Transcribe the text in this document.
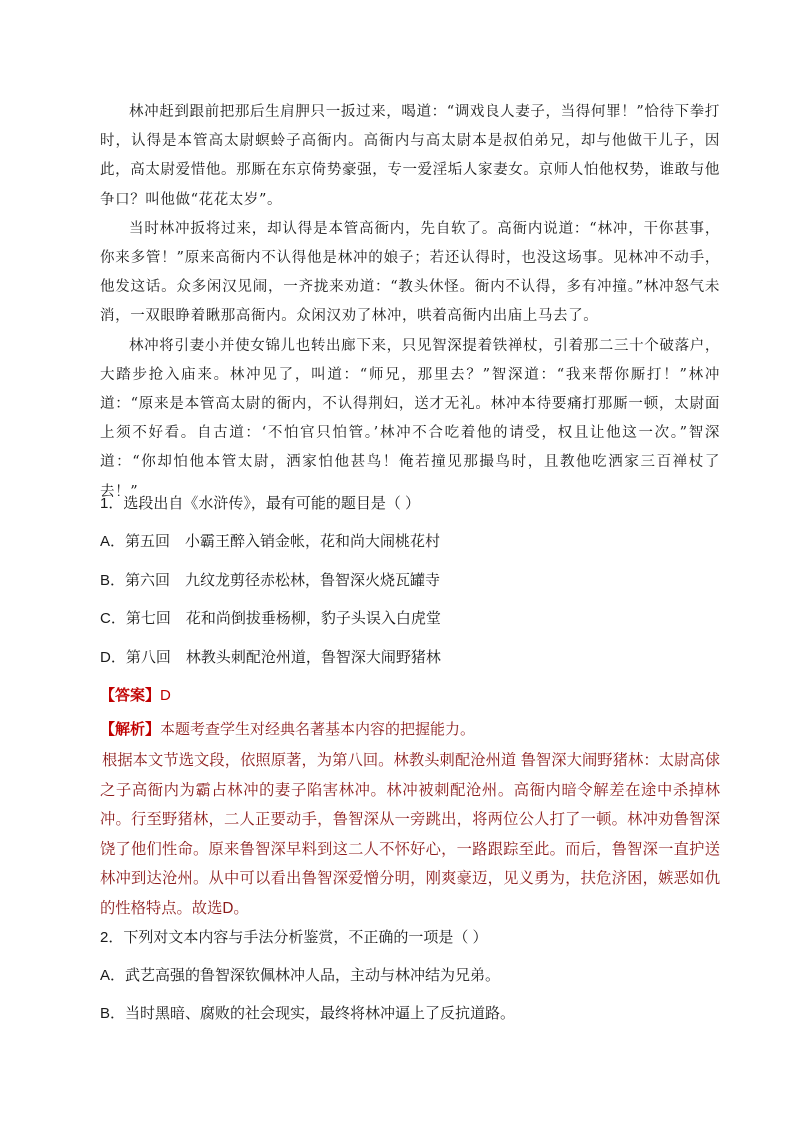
林冲赶到跟前把那后生肩胛只一扳过来，喝道：“调戏良人妻子，当得何罪！”恰待下拳打时，认得是本管高太尉螟蛉子高衙内。高衙内与高太尉本是叔伯弟兄，却与他做干儿子，因此，高太尉爱惜他。那厮在东京倚势豪强，专一爱淫垢人家妻女。京师人怕他权势，谁敢与他争口？叫他做“花花太岁”。

当时林冲扳将过来，却认得是本管高衙内，先自软了。高衙内说道：“林冲，干你甚事，你来多管！”原来高衙内不认得他是林冲的娘子；若还认得时，也没这场事。见林冲不动手，他发这话。众多闲汉见闹，一齐拢来劝道：“教头休怪。衙内不认得，多有冲撞。”林冲怒气未消，一双眼睁着瞅那高衙内。众闲汉劝了林冲，哄着高衙内出庙上马去了。

林冲将引妻小并使女锦儿也转出廊下来，只见智深提着铁禅杖，引着那二三十个破落户，大踏步抢入庙来。林冲见了，叫道：“师兄，那里去？”智深道：“我来帮你厮打！”林冲道：“原来是本管高太尉的衙内，不认得荆妇，送才无礼。林冲本待要痛打那厮一顿，太尉面上须不好看。自古道：‘不怕官只怕管。’林冲不合吃着他的请受，权且让他这一次。”智深道：“你却怕他本管太尉，洒家怕他甚鸟！俺若撞见那撮鸟时，且教他吃洒家三百禅杖了去！”

1．选段出自《水浒传》，最有可能的题目是（ ）
A．第五回　小霸王醉入销金帐，花和尚大闹桃花村
B．第六回　九纹龙剪径赤松林，鲁智深火烧瓦罐寺
C．第七回　花和尚倒拔垂杨柳，豹子头误入白虎堂
D．第八回　林教头刺配沧州道，鲁智深大闹野猪林
【答案】D
【解析】本题考查学生对经典名著基本内容的把握能力。

根据本文节选文段，依照原著，为第八回。林教头刺配沧州道 鲁智深大闹野猪林：太尉高俅之子高衙内为霸占林冲的妻子陷害林冲。林冲被刺配沧州。高衙内暗令解差在途中杀掉林冲。行至野猪林，二人正要动手，鲁智深从一旁跳出，将两位公人打了一顿。林冲劝鲁智深饶了他们性命。原来鲁智深早料到这二人不怀好心，一路跟踪至此。而后，鲁智深一直护送林冲到达沧州。从中可以看出鲁智深爱憎分明，刚爽豪迈，见义勇为，扶危济困，嫉恶如仇的性格特点。故选D。

2．下列对文本内容与手法分析鉴赏，不正确的一项是（ ）
A．武艺高强的鲁智深钦佩林冲人品，主动与林冲结为兄弟。
B．当时黑暗、腐败的社会现实，最终将林冲逼上了反抗道路。
